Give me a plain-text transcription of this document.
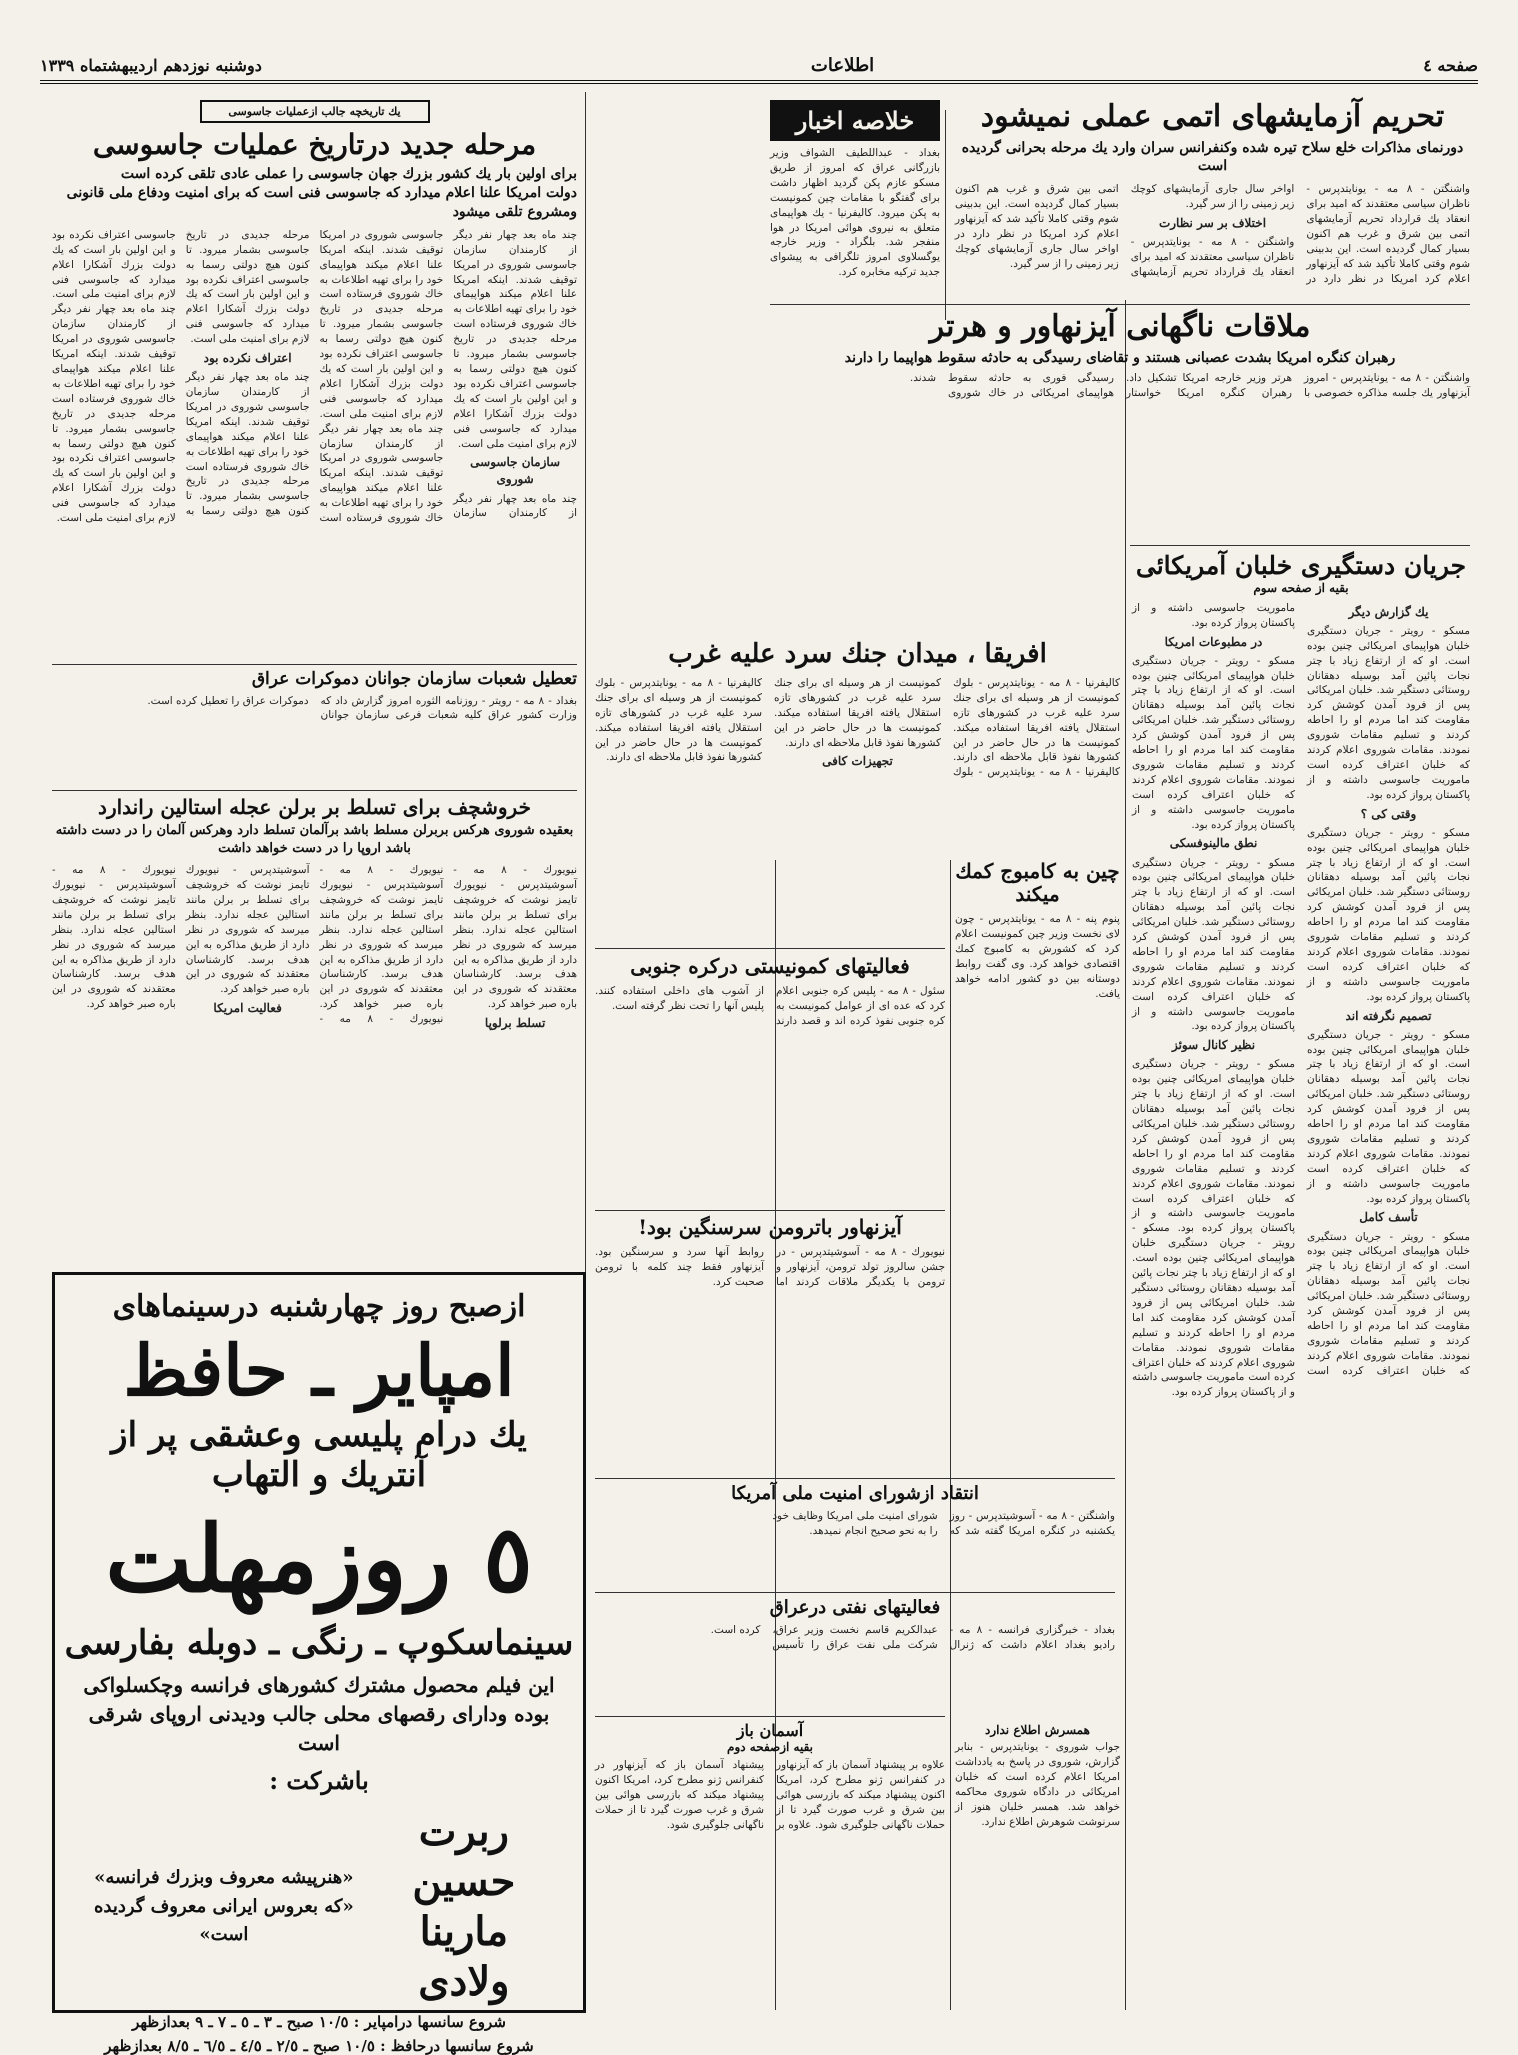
صفحه ٤
اطلاعات
دوشنبه نوزدهم اردیبهشتماه ۱۳۳۹
تحریم آزمایشهای اتمی عملی نمیشود
دورنمای مذاکرات خلع سلاح تیره شده وکنفرانس سران وارد یك مرحله بحرانی گردیده است
واشنگتن - ٨ مه - یونایتدپرس - ناظران سیاسی معتقدند که امید برای انعقاد یك قرارداد تحریم آزمایشهای اتمی بین شرق و غرب هم اکنون بسیار کمال گردیده است. این بدبینی شوم وقتی کاملا تأکید شد که آیزنهاور اعلام کرد امریکا در نظر دارد در اواخر سال جاری آزمایشهای کوچك زیر زمینی را از سر گیرد.
اختلاف بر سر نظارت
واشنگتن - ٨ مه - یونایتدپرس - ناظران سیاسی معتقدند که امید برای انعقاد یك قرارداد تحریم آزمایشهای اتمی بین شرق و غرب هم اکنون بسیار کمال گردیده است. این بدبینی شوم وقتی کاملا تأکید شد که آیزنهاور اعلام کرد امریکا در نظر دارد در اواخر سال جاری آزمایشهای کوچك زیر زمینی را از سر گیرد.
خلاصه اخبار
بغداد - عبداللطیف الشواف وزیر بازرگانی عراق که امروز از طریق مسکو عازم پکن گردید اظهار داشت برای گفتگو با مقامات چین کمونیست به پکن میرود. کالیفرنیا - یك هواپیمای متعلق به نیروی هوائی امریکا در هوا منفجر شد. بلگراد - وزیر خارجه یوگسلاوی امروز تلگرافی به پیشوای جدید ترکیه مخابره کرد.
ملاقات ناگهانی آیزنهاور و هرتر
رهبران کنگره امریکا بشدت عصبانی هستند و تقاضای رسیدگی به حادثه سقوط هواپیما را دارند
واشنگتن - ٨ مه - یونایتدپرس - امروز آیزنهاور یك جلسه مذاکره خصوصی با هرتر وزیر خارجه امریکا تشکیل داد. رهبران کنگره امریکا خواستار رسیدگی فوری به حادثه سقوط هواپیمای امریکائی در خاك شوروی شدند.
جریان دستگیری خلبان آمریکائی
بقیه از صفحه سوم
یك گزارش دیگر
مسکو - رویتر - جریان دستگیری خلبان هواپیمای امریکائی چنین بوده است. او که از ارتفاع زیاد با چتر نجات پائین آمد بوسیله دهقانان روستائی دستگیر شد. خلبان امریکائی پس از فرود آمدن کوشش کرد مقاومت کند اما مردم او را احاطه کردند و تسلیم مقامات شوروی نمودند. مقامات شوروی اعلام کردند که خلبان اعتراف کرده است ماموریت جاسوسی داشته و از پاکستان پرواز کرده بود.
وقتی کی ؟
مسکو - رویتر - جریان دستگیری خلبان هواپیمای امریکائی چنین بوده است. او که از ارتفاع زیاد با چتر نجات پائین آمد بوسیله دهقانان روستائی دستگیر شد. خلبان امریکائی پس از فرود آمدن کوشش کرد مقاومت کند اما مردم او را احاطه کردند و تسلیم مقامات شوروی نمودند. مقامات شوروی اعلام کردند که خلبان اعتراف کرده است ماموریت جاسوسی داشته و از پاکستان پرواز کرده بود.
تصمیم نگرفته اند
مسکو - رویتر - جریان دستگیری خلبان هواپیمای امریکائی چنین بوده است. او که از ارتفاع زیاد با چتر نجات پائین آمد بوسیله دهقانان روستائی دستگیر شد. خلبان امریکائی پس از فرود آمدن کوشش کرد مقاومت کند اما مردم او را احاطه کردند و تسلیم مقامات شوروی نمودند. مقامات شوروی اعلام کردند که خلبان اعتراف کرده است ماموریت جاسوسی داشته و از پاکستان پرواز کرده بود.
تأسف کامل
مسکو - رویتر - جریان دستگیری خلبان هواپیمای امریکائی چنین بوده است. او که از ارتفاع زیاد با چتر نجات پائین آمد بوسیله دهقانان روستائی دستگیر شد. خلبان امریکائی پس از فرود آمدن کوشش کرد مقاومت کند اما مردم او را احاطه کردند و تسلیم مقامات شوروی نمودند. مقامات شوروی اعلام کردند که خلبان اعتراف کرده است ماموریت جاسوسی داشته و از پاکستان پرواز کرده بود.
در مطبوعات امریکا
مسکو - رویتر - جریان دستگیری خلبان هواپیمای امریکائی چنین بوده است. او که از ارتفاع زیاد با چتر نجات پائین آمد بوسیله دهقانان روستائی دستگیر شد. خلبان امریکائی پس از فرود آمدن کوشش کرد مقاومت کند اما مردم او را احاطه کردند و تسلیم مقامات شوروی نمودند. مقامات شوروی اعلام کردند که خلبان اعتراف کرده است ماموریت جاسوسی داشته و از پاکستان پرواز کرده بود.
نطق مالینوفسکی
مسکو - رویتر - جریان دستگیری خلبان هواپیمای امریکائی چنین بوده است. او که از ارتفاع زیاد با چتر نجات پائین آمد بوسیله دهقانان روستائی دستگیر شد. خلبان امریکائی پس از فرود آمدن کوشش کرد مقاومت کند اما مردم او را احاطه کردند و تسلیم مقامات شوروی نمودند. مقامات شوروی اعلام کردند که خلبان اعتراف کرده است ماموریت جاسوسی داشته و از پاکستان پرواز کرده بود.
نظیر کانال سوئز
مسکو - رویتر - جریان دستگیری خلبان هواپیمای امریکائی چنین بوده است. او که از ارتفاع زیاد با چتر نجات پائین آمد بوسیله دهقانان روستائی دستگیر شد. خلبان امریکائی پس از فرود آمدن کوشش کرد مقاومت کند اما مردم او را احاطه کردند و تسلیم مقامات شوروی نمودند. مقامات شوروی اعلام کردند که خلبان اعتراف کرده است ماموریت جاسوسی داشته و از پاکستان پرواز کرده بود. مسکو - رویتر - جریان دستگیری خلبان هواپیمای امریکائی چنین بوده است. او که از ارتفاع زیاد با چتر نجات پائین آمد بوسیله دهقانان روستائی دستگیر شد. خلبان امریکائی پس از فرود آمدن کوشش کرد مقاومت کند اما مردم او را احاطه کردند و تسلیم مقامات شوروی نمودند. مقامات شوروی اعلام کردند که خلبان اعتراف کرده است ماموریت جاسوسی داشته و از پاکستان پرواز کرده بود.
یك تاریخچه جالب ازعملیات جاسوسی
مرحله جدید درتاریخ عملیات جاسوسی
برای اولین بار یك کشور بزرك جهان جاسوسی را عملی عادی تلقی کرده است
دولت امریکا علنا اعلام میدارد که جاسوسی فنی است که برای امنیت ودفاع ملی قانونی ومشروع تلقی میشود
چند ماه بعد چهار نفر دیگر از کارمندان سازمان جاسوسی شوروی در امریکا توقیف شدند. اینکه امریکا علنا اعلام میکند هواپیمای خود را برای تهیه اطلاعات به خاك شوروی فرستاده است مرحله جدیدی در تاریخ جاسوسی بشمار میرود. تا کنون هیچ دولتی رسما به جاسوسی اعتراف نکرده بود و این اولین بار است که یك دولت بزرك آشکارا اعلام میدارد که جاسوسی فنی لازم برای امنیت ملی است.
سازمان جاسوسی شوروی
چند ماه بعد چهار نفر دیگر از کارمندان سازمان جاسوسی شوروی در امریکا توقیف شدند. اینکه امریکا علنا اعلام میکند هواپیمای خود را برای تهیه اطلاعات به خاك شوروی فرستاده است مرحله جدیدی در تاریخ جاسوسی بشمار میرود. تا کنون هیچ دولتی رسما به جاسوسی اعتراف نکرده بود و این اولین بار است که یك دولت بزرك آشکارا اعلام میدارد که جاسوسی فنی لازم برای امنیت ملی است. چند ماه بعد چهار نفر دیگر از کارمندان سازمان جاسوسی شوروی در امریکا توقیف شدند. اینکه امریکا علنا اعلام میکند هواپیمای خود را برای تهیه اطلاعات به خاك شوروی فرستاده است مرحله جدیدی در تاریخ جاسوسی بشمار میرود. تا کنون هیچ دولتی رسما به جاسوسی اعتراف نکرده بود و این اولین بار است که یك دولت بزرك آشکارا اعلام میدارد که جاسوسی فنی لازم برای امنیت ملی است.
اعتراف نکرده بود
چند ماه بعد چهار نفر دیگر از کارمندان سازمان جاسوسی شوروی در امریکا توقیف شدند. اینکه امریکا علنا اعلام میکند هواپیمای خود را برای تهیه اطلاعات به خاك شوروی فرستاده است مرحله جدیدی در تاریخ جاسوسی بشمار میرود. تا کنون هیچ دولتی رسما به جاسوسی اعتراف نکرده بود و این اولین بار است که یك دولت بزرك آشکارا اعلام میدارد که جاسوسی فنی لازم برای امنیت ملی است. چند ماه بعد چهار نفر دیگر از کارمندان سازمان جاسوسی شوروی در امریکا توقیف شدند. اینکه امریکا علنا اعلام میکند هواپیمای خود را برای تهیه اطلاعات به خاك شوروی فرستاده است مرحله جدیدی در تاریخ جاسوسی بشمار میرود. تا کنون هیچ دولتی رسما به جاسوسی اعتراف نکرده بود و این اولین بار است که یك دولت بزرك آشکارا اعلام میدارد که جاسوسی فنی لازم برای امنیت ملی است.
تعطیل شعبات سازمان جوانان دموکرات عراق
بغداد - ٨ مه - رویتر - روزنامه الثوره امروز گزارش داد که وزارت کشور عراق کلیه شعبات فرعی سازمان جوانان دموکرات عراق را تعطیل کرده است.
افریقا ، میدان جنك سرد علیه غرب
کالیفرنیا - ٨ مه - یونایتدپرس - بلوك کمونیست از هر وسیله ای برای جنك سرد علیه غرب در کشورهای تازه استقلال یافته افریقا استفاده میکند. کمونیست ها در حال حاضر در این کشورها نفوذ قابل ملاحظه ای دارند. کالیفرنیا - ٨ مه - یونایتدپرس - بلوك کمونیست از هر وسیله ای برای جنك سرد علیه غرب در کشورهای تازه استقلال یافته افریقا استفاده میکند. کمونیست ها در حال حاضر در این کشورها نفوذ قابل ملاحظه ای دارند.
تجهیزات کافی
کالیفرنیا - ٨ مه - یونایتدپرس - بلوك کمونیست از هر وسیله ای برای جنك سرد علیه غرب در کشورهای تازه استقلال یافته افریقا استفاده میکند. کمونیست ها در حال حاضر در این کشورها نفوذ قابل ملاحظه ای دارند.
خروشچف برای تسلط بر برلن عجله استالین راندارد
بعقیده شوروی هرکس بربرلن مسلط باشد برآلمان تسلط دارد وهرکس آلمان را در دست داشته باشد اروپا را در دست خواهد داشت
نیویورك - ٨ مه - آسوشیتدپرس - نیویورك تایمز نوشت که خروشچف برای تسلط بر برلن مانند استالین عجله ندارد. بنظر میرسد که شوروی در نظر دارد از طریق مذاکره به این هدف برسد. کارشناسان معتقدند که شوروی در این باره صبر خواهد کرد.
تسلط برلوپا
نیویورك - ٨ مه - آسوشیتدپرس - نیویورك تایمز نوشت که خروشچف برای تسلط بر برلن مانند استالین عجله ندارد. بنظر میرسد که شوروی در نظر دارد از طریق مذاکره به این هدف برسد. کارشناسان معتقدند که شوروی در این باره صبر خواهد کرد. نیویورك - ٨ مه - آسوشیتدپرس - نیویورك تایمز نوشت که خروشچف برای تسلط بر برلن مانند استالین عجله ندارد. بنظر میرسد که شوروی در نظر دارد از طریق مذاکره به این هدف برسد. کارشناسان معتقدند که شوروی در این باره صبر خواهد کرد.
فعالیت امریکا
نیویورك - ٨ مه - آسوشیتدپرس - نیویورك تایمز نوشت که خروشچف برای تسلط بر برلن مانند استالین عجله ندارد. بنظر میرسد که شوروی در نظر دارد از طریق مذاکره به این هدف برسد. کارشناسان معتقدند که شوروی در این باره صبر خواهد کرد.
چین به کامبوج کمك میکند
پنوم پنه - ٨ مه - یونایتدپرس - چون لای نخست وزیر چین کمونیست اعلام کرد که کشورش به کامبوج کمك اقتصادی خواهد کرد. وی گفت روابط دوستانه بین دو کشور ادامه خواهد یافت.
فعالیتهای کمونیستی درکره جنوبی
سئول - ٨ مه - پلیس کره جنوبی اعلام کرد که عده ای از عوامل کمونیست به کره جنوبی نفوذ کرده اند و قصد دارند از آشوب های داخلی استفاده کنند. پلیس آنها را تحت نظر گرفته است.
آیزنهاور باترومن سرسنگین بود!
نیویورك - ٨ مه - آسوشیتدپرس - در جشن سالروز تولد ترومن، آیزنهاور و ترومن با یکدیگر ملاقات کردند اما روابط آنها سرد و سرسنگین بود. آیزنهاور فقط چند کلمه با ترومن صحبت کرد.
انتقاد ازشورای امنیت ملی آمریکا
واشنگتن - ٨ مه - آسوشیتدپرس - روز یکشنبه در کنگره امریکا گفته شد که شورای امنیت ملی امریکا وظایف خود را به نحو صحیح انجام نمیدهد.
فعالیتهای نفتی درعراق
بغداد - خبرگزاری فرانسه - ٨ مه - رادیو بغداد اعلام داشت که ژنرال عبدالکریم قاسم نخست وزیر عراق، شرکت ملی نفت عراق را تأسیس کرده است.
آسمان باز
بقیه ازصفحه دوم
علاوه بر پیشنهاد آسمان باز که آیزنهاور در کنفرانس ژنو مطرح کرد، امریکا اکنون پیشنهاد میکند که بازرسی هوائی بین شرق و غرب صورت گیرد تا از حملات ناگهانی جلوگیری شود. علاوه بر پیشنهاد آسمان باز که آیزنهاور در کنفرانس ژنو مطرح کرد، امریکا اکنون پیشنهاد میکند که بازرسی هوائی بین شرق و غرب صورت گیرد تا از حملات ناگهانی جلوگیری شود.
همسرش اطلاع ندارد
جواب شوروی - یونایتدپرس - بنابر گزارش، شوروی در پاسخ به یادداشت امریکا اعلام کرده است که خلبان امریکائی در دادگاه شوروی محاکمه خواهد شد. همسر خلبان هنوز از سرنوشت شوهرش اطلاع ندارد.
ازصبح روز چهارشنبه درسینماهای
امپایر ـ حافظ
یك درام پلیسی وعشقی پر از
آنتریك و التهاب
٥ روزمهلت
سینماسکوپ ـ رنگی ـ دوبله بفارسی
این فیلم محصول مشترك کشورهای فرانسه وچکسلواکی بوده ودارای رقصهای محلی جالب ودیدنی اروپای شرقی است
باشرکت :
ربرت حسین
مارینا ولادی
«هنرپیشه معروف وبزرك فرانسه»
«که بعروس ایرانی معروف گردیده است»
شروع سانسها درامپایر : ١٠/٥ صبح ـ ٣ ـ ٥ ـ ٧ ـ ٩ بعدازظهر
شروع سانسها درحافظ : ١٠/٥ صبح ـ ٢/٥ ـ ٤/٥ ـ ٦/٥ ـ ٨/٥ بعدازظهر
